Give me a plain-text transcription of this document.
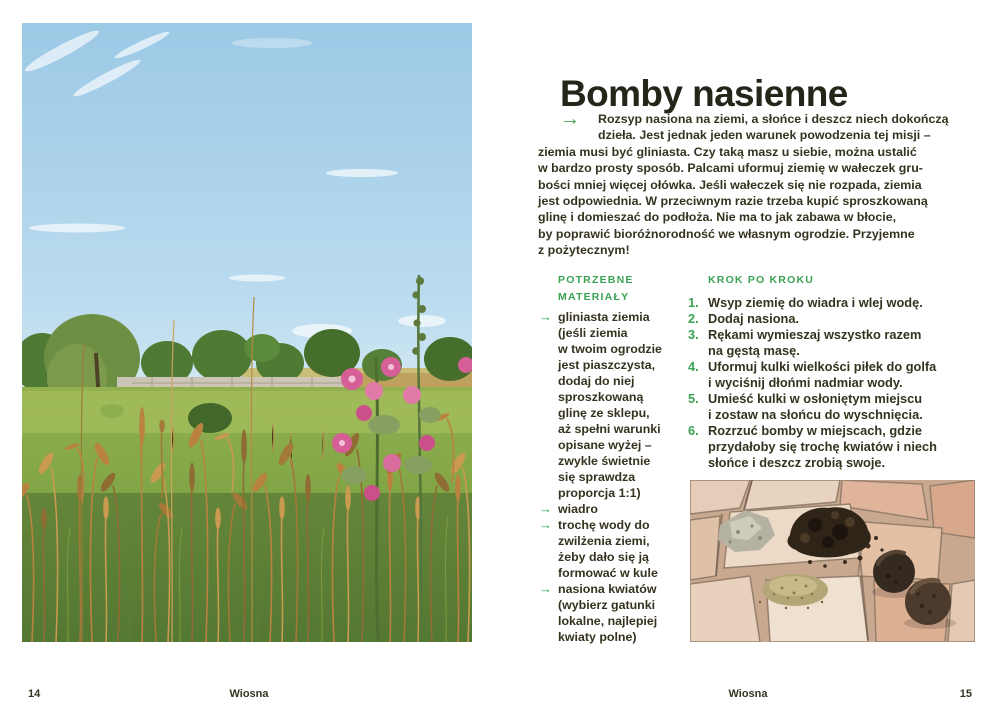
Bomby nasienne
→	Rozsyp nasiona na ziemi, a słońce i deszcz niech dokończą
dzieła. Jest jednak jeden warunek powodzenia tej misji –
ziemia musi być gliniasta. Czy taką masz u siebie, można ustalić
w bardzo prosty sposób. Palcami uformuj ziemię w wałeczek gru-
bości mniej więcej ołówka. Jeśli wałeczek się nie rozpada, ziemia
jest odpowiednia. W przeciwnym razie trzeba kupić sproszkowaną
glinę i domieszać do podłoża. Nie ma to jak zabawa w błocie,
by poprawić bioróżnorodność we własnym ogrodzie. Przyjemne
z pożytecznym!
POTRZEBNE
MATERIAŁY
→ gliniasta ziemia
(jeśli ziemia
w twoim ogrodzie
jest piaszczysta,
dodaj do niej
sproszkowaną
glinę ze sklepu,
aż spełni warunki
opisane wyżej –
zwykle świetnie
się sprawdza
proporcja 1:1)
→ wiadro
→ trochę wody do
zwilżenia ziemi,
żeby dało się ją
formować w kule
→ nasiona kwiatów
(wybierz gatunki
lokalne, najlepiej
kwiaty polne)
KROK PO KROKU
1. Wsyp ziemię do wiadra i wlej wodę.
2. Dodaj nasiona.
3. Rękami wymieszaj wszystko razem
na gęstą masę.
4. Uformuj kulki wielkości piłek do golfa
i wyciśnij dłońmi nadmiar wody.
5. Umieść kulki w osłoniętym miejscu
i zostaw na słońcu do wyschnięcia.
6. Rozrzuć bomby w miejscach, gdzie
przydałoby się trochę kwiatów i niech
słońce i deszcz zrobią swoje.
14	Wiosna	Wiosna	15
